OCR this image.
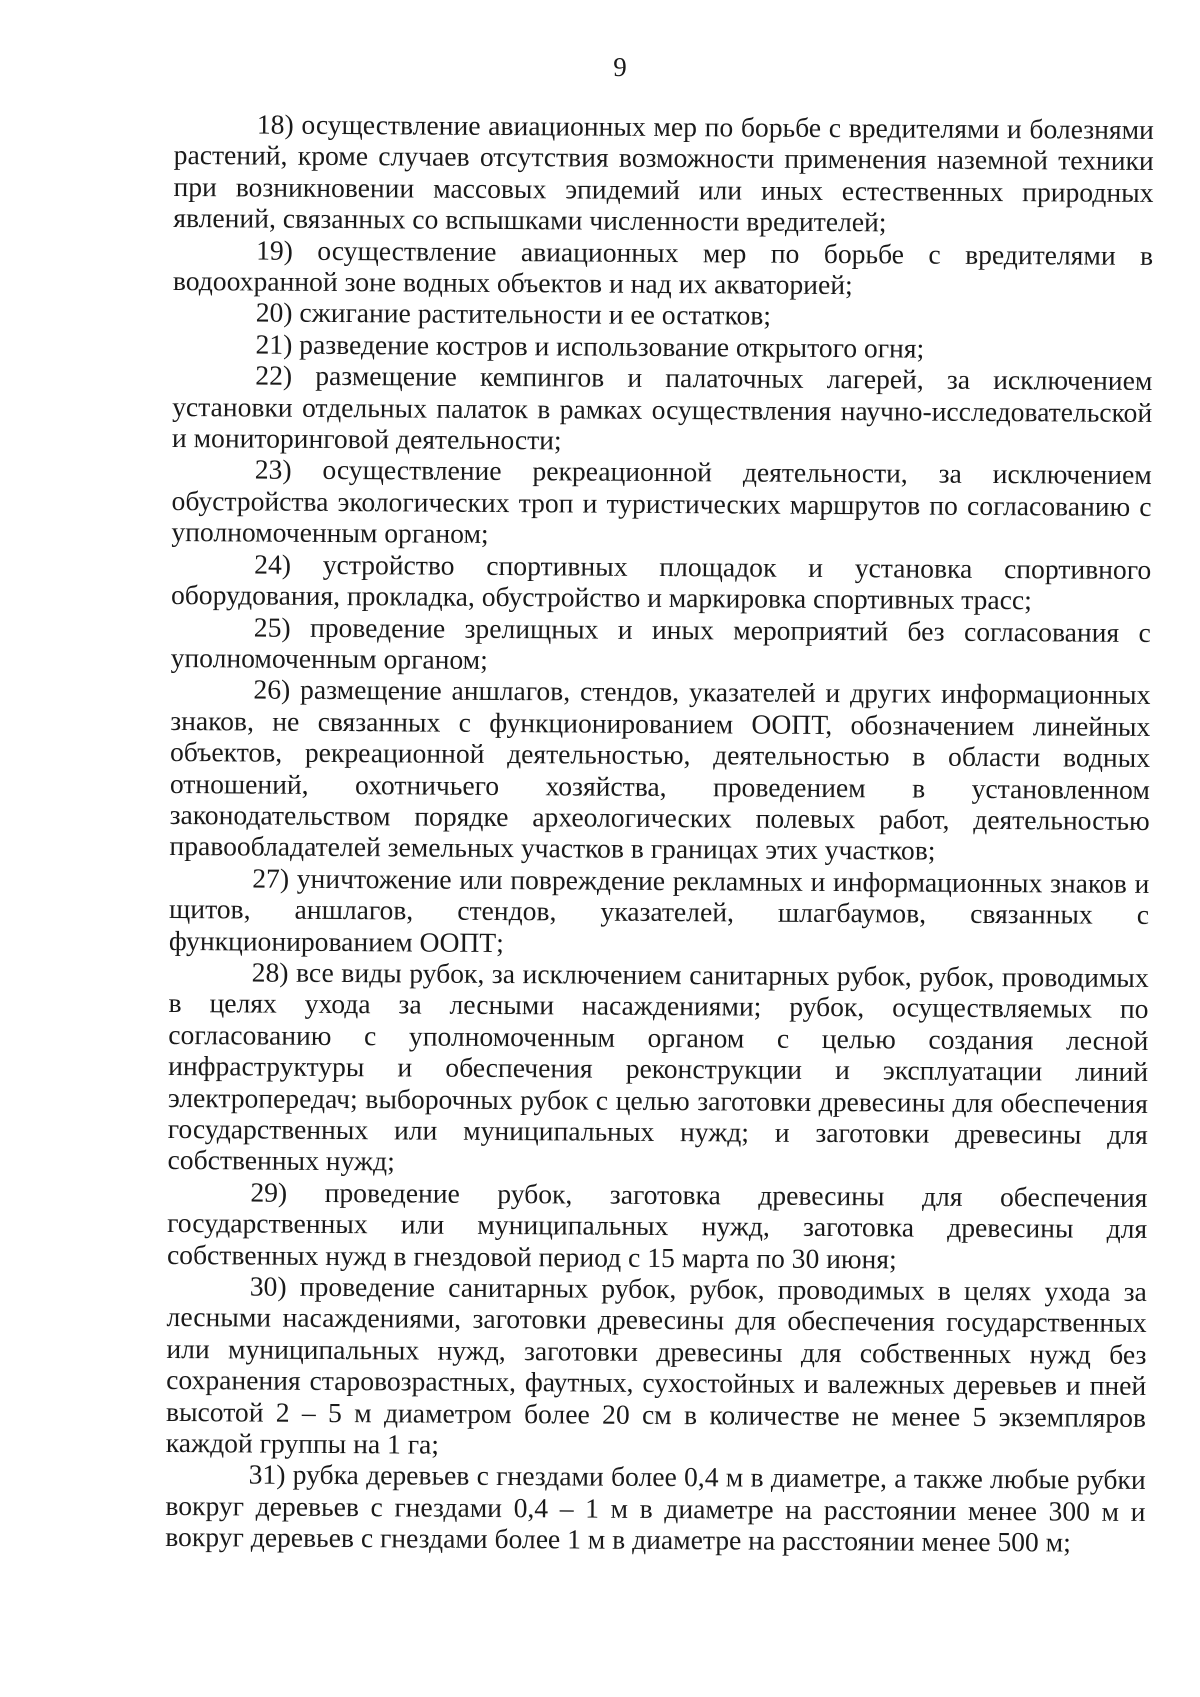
9

18) осуществление авиационных мер по борьбе с вредителями и болезнями растений, кроме случаев отсутствия возможности применения наземной техники при возникновении массовых эпидемий или иных естественных природных явлений, связанных со вспышками численности вредителей;

19) осуществление авиационных мер по борьбе с вредителями в водоохранной зоне водных объектов и над их акваторией;

20) сжигание растительности и ее остатков;

21) разведение костров и использование открытого огня;

22) размещение кемпингов и палаточных лагерей, за исключением установки отдельных палаток в рамках осуществления научно-исследовательской и мониторинговой деятельности;

23) осуществление рекреационной деятельности, за исключением обустройства экологических троп и туристических маршрутов по согласованию с уполномоченным органом;

24) устройство спортивных площадок и установка спортивного оборудования, прокладка, обустройство и маркировка спортивных трасс;

25) проведение зрелищных и иных мероприятий без согласования с уполномоченным органом;

26) размещение аншлагов, стендов, указателей и других информационных знаков, не связанных с функционированием ООПТ, обозначением линейных объектов, рекреационной деятельностью, деятельностью в области водных отношений, охотничьего хозяйства, проведением в установленном законодательством порядке археологических полевых работ, деятельностью правообладателей земельных участков в границах этих участков;

27) уничтожение или повреждение рекламных и информационных знаков и щитов, аншлагов, стендов, указателей, шлагбаумов, связанных с функционированием ООПТ;

28) все виды рубок, за исключением санитарных рубок, рубок, проводимых в целях ухода за лесными насаждениями; рубок, осуществляемых по согласованию с уполномоченным органом с целью создания лесной инфраструктуры и обеспечения реконструкции и эксплуатации линий электропередач; выборочных рубок с целью заготовки древесины для обеспечения государственных или муниципальных нужд; и заготовки древесины для собственных нужд;

29) проведение рубок, заготовка древесины для обеспечения государственных или муниципальных нужд, заготовка древесины для собственных нужд в гнездовой период с 15 марта по 30 июня;

30) проведение санитарных рубок, рубок, проводимых в целях ухода за лесными насаждениями, заготовки древесины для обеспечения государственных или муниципальных нужд, заготовки древесины для собственных нужд без сохранения старовозрастных, фаутных, сухостойных и валежных деревьев и пней высотой 2 – 5 м диаметром более 20 см в количестве не менее 5 экземпляров каждой группы на 1 га;

31) рубка деревьев с гнездами более 0,4 м в диаметре, а также любые рубки вокруг деревьев с гнездами 0,4 – 1 м в диаметре на расстоянии менее 300 м и вокруг деревьев с гнездами более 1 м в диаметре на расстоянии менее 500 м;
